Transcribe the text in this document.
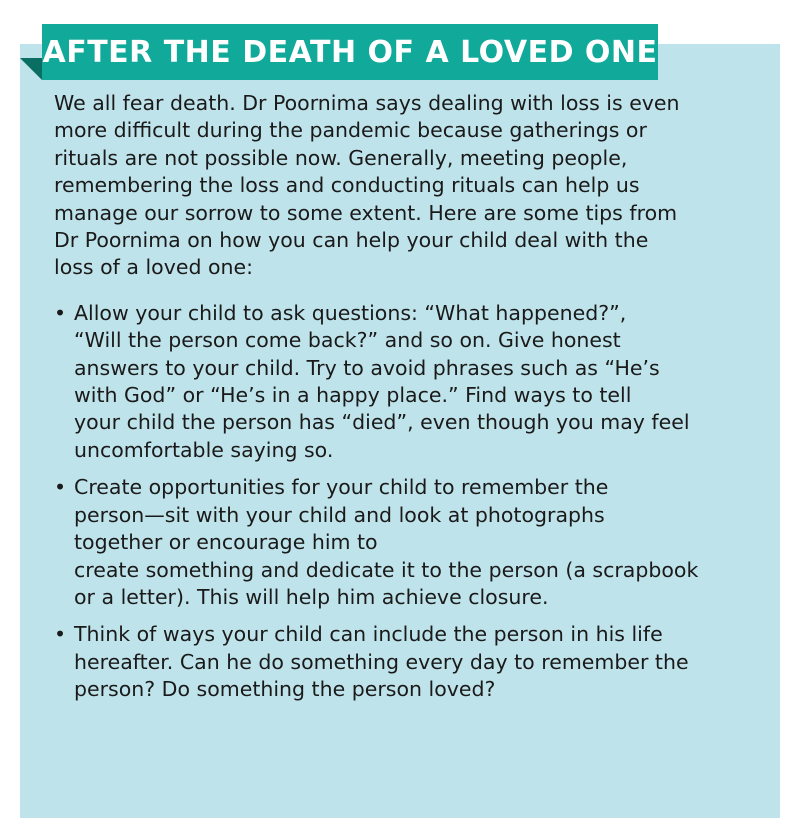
AFTER THE DEATH OF A LOVED ONE

We all fear death. Dr Poornima says dealing with loss is even
more difficult during the pandemic because gatherings or
rituals are not possible now. Generally, meeting people,
remembering the loss and conducting rituals can help us
manage our sorrow to some extent. Here are some tips from
Dr Poornima on how you can help your child deal with the
loss of a loved one:

• Allow your child to ask questions: “What happened?”,
“Will the person come back?” and so on. Give honest
answers to your child. Try to avoid phrases such as “He’s
with God” or “He’s in a happy place.” Find ways to tell
your child the person has “died”, even though you may feel
uncomfortable saying so.
• Create opportunities for your child to remember the
person—sit with your child and look at photographs
together or encourage him to
create something and dedicate it to the person (a scrapbook
or a letter). This will help him achieve closure.
• Think of ways your child can include the person in his life
hereafter. Can he do something every day to remember the
person? Do something the person loved?
